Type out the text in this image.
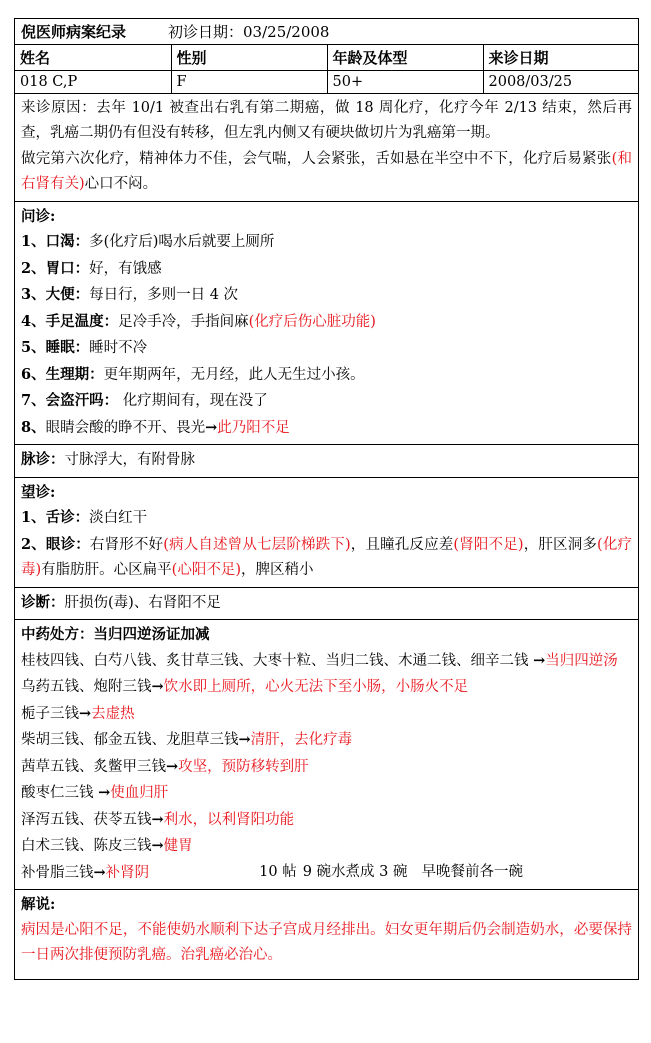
倪医师病案纪录	初诊日期：03/25/2008
姓名	性别	年龄及体型	来诊日期
018 C,P	F	50+	2008/03/25
来诊原因：去年 10/1 被查出右乳有第二期癌，做 18 周化疗，化疗今年 2/13 结束，然后再查，乳癌二期仍有但没有转移，但左乳内侧又有硬块做切片为乳癌第一期。
做完第六次化疗，精神体力不佳，会气喘，人会紧张，舌如悬在半空中不下，化疗后易紧张(和右肾有关)心口不闷。
问诊:
1、口渴：多(化疗后)喝水后就要上厕所
2、胃口：好，有饿感
3、大便：每日行，多则一日 4 次
4、手足温度：足冷手冷，手指间麻(化疗后伤心脏功能)
5、睡眠：睡时不冷
6、生理期：更年期两年，无月经，此人无生过小孩。
7、会盗汗吗： 化疗期间有，现在没了
8、眼睛会酸的睁不开、畏光→此乃阳不足
脉诊：寸脉浮大，有附骨脉
望诊:
1、舌诊：淡白红干
2、眼诊：右肾形不好(病人自述曾从七层阶梯跌下)，且瞳孔反应差(肾阳不足)，肝区洞多(化疗毒)有脂肪肝。心区扁平(心阳不足)，脾区稍小
诊断：肝损伤(毒)、右肾阳不足
中药处方：当归四逆汤证加减
桂枝四钱、白芍八钱、炙甘草三钱、大枣十粒、当归二钱、木通二钱、细辛二钱 →当归四逆汤
乌药五钱、炮附三钱→饮水即上厕所，心火无法下至小肠，小肠火不足
栀子三钱→去虚热
柴胡三钱、郁金五钱、龙胆草三钱→清肝，去化疗毒
茜草五钱、炙鳖甲三钱→攻坚，预防移转到肝
酸枣仁三钱 →使血归肝
泽泻五钱、茯苓五钱→利水，以利肾阳功能
白术三钱、陈皮三钱→健胃
补骨脂三钱→补肾阴	10 帖 9 碗水煮成 3 碗 早晚餐前各一碗
解说:
病因是心阳不足，不能使奶水顺利下达子宫成月经排出。妇女更年期后仍会制造奶水，必要保持一日两次排便预防乳癌。治乳癌必治心。
